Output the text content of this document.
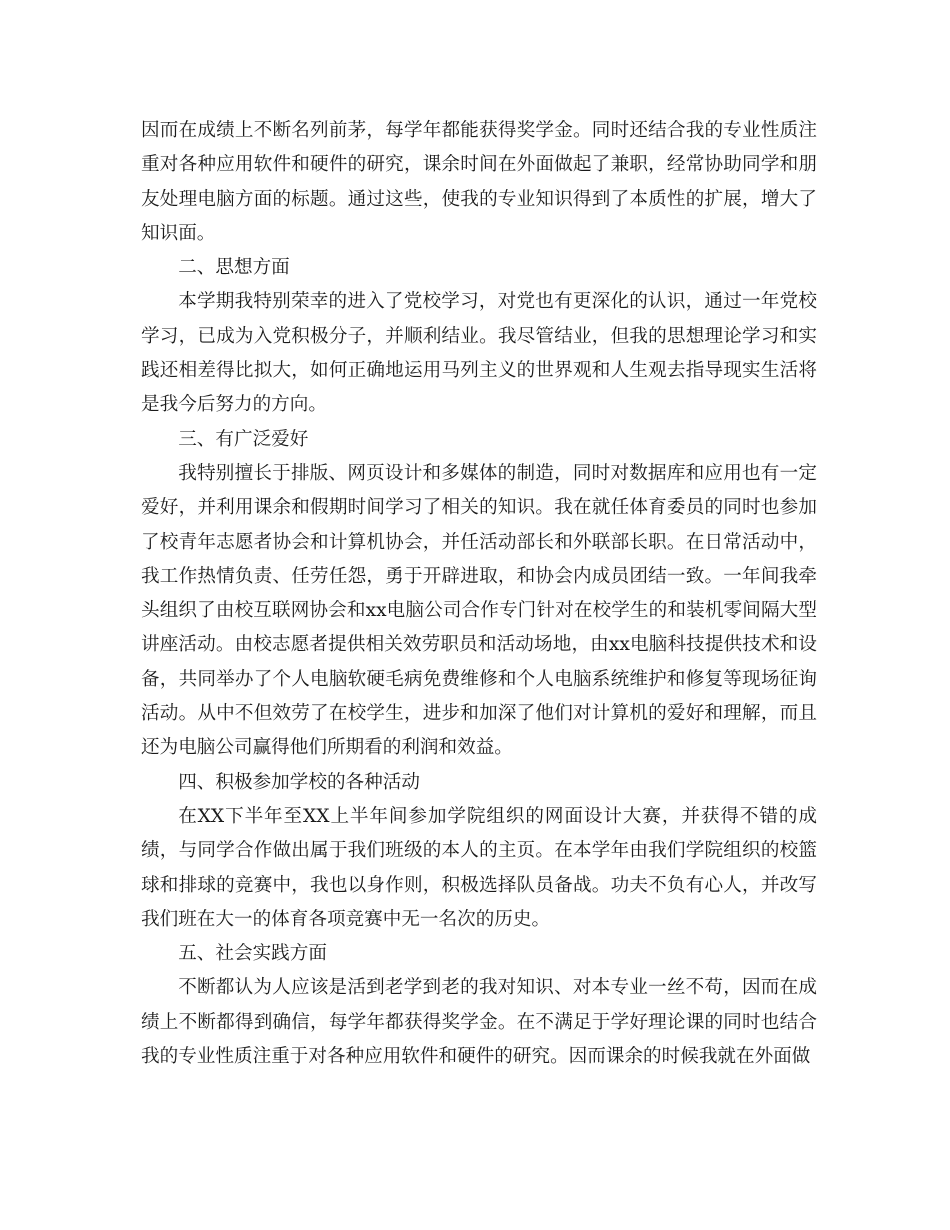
因而在成绩上不断名列前茅，每学年都能获得奖学金。同时还结合我的专业性质注重对各种应用软件和硬件的研究，课余时间在外面做起了兼职，经常协助同学和朋友处理电脑方面的标题。通过这些，使我的专业知识得到了本质性的扩展，增大了知识面。

二、思想方面

本学期我特别荣幸的进入了党校学习，对党也有更深化的认识，通过一年党校学习，已成为入党积极分子，并顺利结业。我尽管结业，但我的思想理论学习和实践还相差得比拟大，如何正确地运用马列主义的世界观和人生观去指导现实生活将是我今后努力的方向。

三、有广泛爱好

我特别擅长于排版、网页设计和多媒体的制造，同时对数据库和应用也有一定爱好，并利用课余和假期时间学习了相关的知识。我在就任体育委员的同时也参加了校青年志愿者协会和计算机协会，并任活动部长和外联部长职。在日常活动中，我工作热情负责、任劳任怨，勇于开辟进取，和协会内成员团结一致。一年间我牵头组织了由校互联网协会和xx电脑公司合作专门针对在校学生的和装机零间隔大型讲座活动。由校志愿者提供相关效劳职员和活动场地，由xx电脑科技提供技术和设备，共同举办了个人电脑软硬毛病免费维修和个人电脑系统维护和修复等现场征询活动。从中不但效劳了在校学生，进步和加深了他们对计算机的爱好和理解，而且还为电脑公司赢得他们所期看的利润和效益。

四、积极参加学校的各种活动

在XX下半年至XX上半年间参加学院组织的网面设计大赛，并获得不错的成绩，与同学合作做出属于我们班级的本人的主页。在本学年由我们学院组织的校篮球和排球的竞赛中，我也以身作则，积极选择队员备战。功夫不负有心人，并改写我们班在大一的体育各项竞赛中无一名次的历史。

五、社会实践方面

不断都认为人应该是活到老学到老的我对知识、对本专业一丝不苟，因而在成绩上不断都得到确信，每学年都获得奖学金。在不满足于学好理论课的同时也结合我的专业性质注重于对各种应用软件和硬件的研究。因而课余的时候我就在外面做
